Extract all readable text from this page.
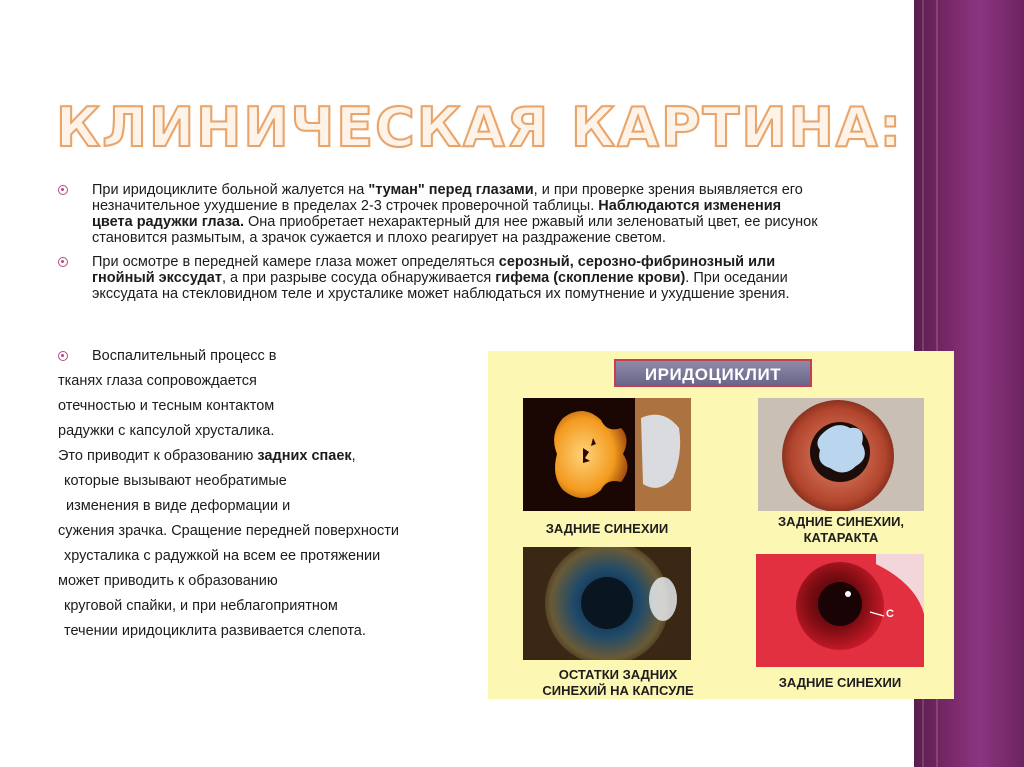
КЛИНИЧЕСКАЯ КАРТИНА:
При иридоциклите больной жалуется на "туман" перед глазами, и при проверке зрения выявляется его незначительное ухудшение в пределах 2-3 строчек проверочной таблицы. Наблюдаются изменения цвета радужки глаза. Она приобретает нехарактерный для нее ржавый или зеленоватый цвет, ее рисунок становится размытым, а зрачок сужается и плохо реагирует на раздражение светом.
При осмотре в передней камере глаза может определяться серозный, серозно-фибринозный или гнойный экссудат, а при разрыве сосуда обнаруживается гифема (скопление крови). При оседании экссудата на стекловидном теле и хрусталике может наблюдаться их помутнение и ухудшение зрения.
Воспалительный процесс в
тканях глаза сопровождается
отечностью и тесным контактом
радужки с капсулой хрусталика.
Это приводит к образованию задних спаек,
которые вызывают необратимые
изменения в виде деформации и
сужения зрачка. Сращение передней поверхности
хрусталика с радужкой на всем ее протяжении
может приводить к образованию
круговой спайки, и при неблагоприятном
течении иридоциклита развивается слепота.
ИРИДОЦИКЛИТ
ЗАДНИЕ СИНЕХИИ	ЗАДНИЕ СИНЕХИИ,
КАТАРАКТА
ОСТАТКИ ЗАДНИХ
СИНЕХИЙ НА КАПСУЛЕ
C
ЗАДНИЕ СИНЕХИИ
